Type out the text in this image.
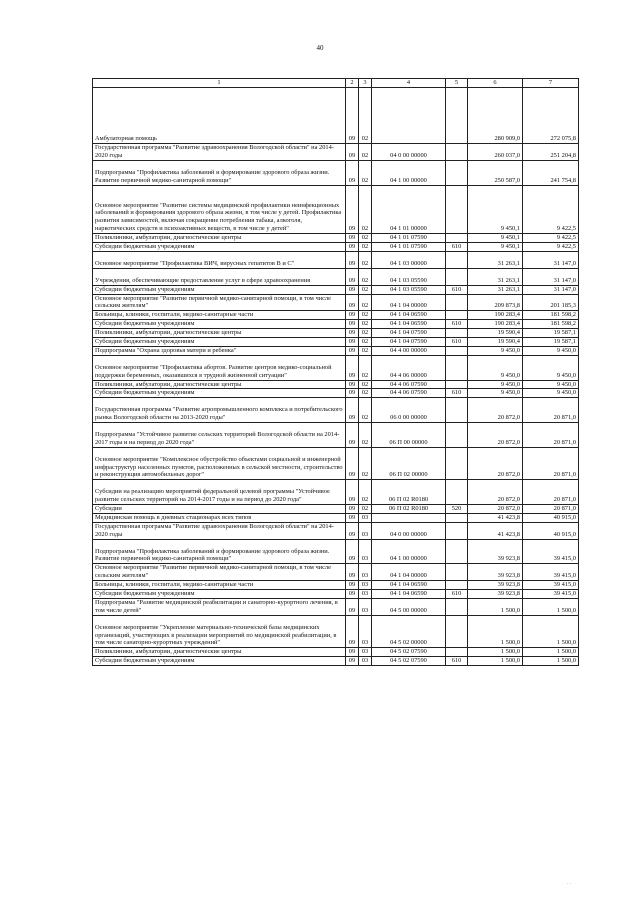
40
1	2	3	4	5	6	7
Амбулаторная помощь	09	02			280 909,0	272 075,8
Государственная программа "Развитие здравоохранения Вологодской области" на 2014-2020 годы	09	02	04 0 00 00000		260 037,0	251 204,8
Подпрограмма "Профилактика заболеваний и формирование здорового образа жизни. Развитие первичной медико-санитарной помощи"	09	02	04 1 00 00000		250 587,0	241 754,8
Основное мероприятие "Развитие системы медицинской профилактики неинфекционных заболеваний и формирования здорового образа жизни, в том числе у детей. Профилактика развития зависимостей, включая сокращение потребления табака, алкоголя, наркотических средств и психоактивных веществ, в том числе у детей"	09	02	04 1 01 00000		9 450,1	9 422,5
Поликлиники, амбулатории, диагностические центры	09	02	04 1 01 07590		9 450,1	9 422,5
Субсидии бюджетным учреждениям	09	02	04 1 01 07590	610	9 450,1	9 422,5
Основное мероприятие "Профилактика ВИЧ, вирусных гепатитов В и С"	09	02	04 1 03 00000		31 263,1	31 147,0
Учреждения, обеспечивающие предоставление услуг в сфере здравоохранения	09	02	04 1 03 05590		31 263,1	31 147,0
Субсидии бюджетным учреждениям	09	02	04 1 03 05590	610	31 263,1	31 147,0
Основное мероприятие "Развитие первичной медико-санитарной помощи, в том числе сельским жителям"	09	02	04 1 04 00000		209 873,8	201 185,3
Больницы, клиники, госпитали, медико-санитарные части	09	02	04 1 04 06590		190 283,4	181 598,2
Субсидии бюджетным учреждениям	09	02	04 1 04 06590	610	190 283,4	181 598,2
Поликлиники, амбулатории, диагностические центры	09	02	04 1 04 07590		19 590,4	19 587,1
Субсидии бюджетным учреждениям	09	02	04 1 04 07590	610	19 590,4	19 587,1
Подпрограмма "Охрана здоровья матери и ребенка"	09	02	04 4 00 00000		9 450,0	9 450,0
Основное мероприятие "Профилактика абортов. Развитие центров медико-социальной поддержки беременных, оказавшихся в трудной жизненной ситуации"	09	02	04 4 06 00000		9 450,0	9 450,0
Поликлиники, амбулатории, диагностические центры	09	02	04 4 06 07590		9 450,0	9 450,0
Субсидии бюджетным учреждениям	09	02	04 4 06 07590	610	9 450,0	9 450,0
Государственная программа "Развитие агропромышленного комплекса и потребительского рынка Вологодской области на 2013-2020 годы"	09	02	06 0 00 00000		20 872,0	20 871,0
Подпрограмма "Устойчивое развитие сельских территорий Вологодской области на 2014-2017 годы и на период до 2020 года"	09	02	06 П 00 00000		20 872,0	20 871,0
Основное мероприятие "Комплексное обустройство объектами социальной и инженерной инфраструктур населенных пунктов, расположенных в сельской местности, строительство и реконструкция автомобильных дорог"	09	02	06 П 02 00000		20 872,0	20 871,0
Субсидии на реализацию мероприятий федеральной целевой программы "Устойчивое развитие сельских территорий на 2014-2017 годы и на период до 2020 года"	09	02	06 П 02 R0180		20 872,0	20 871,0
Субсидии	09	02	06 П 02 R0180	520	20 872,0	20 871,0
Медицинская помощь в дневных стационарах всех типов	09	03			41 423,8	40 915,0
Государственная программа "Развитие здравоохранения Вологодской области" на 2014-2020 годы	09	03	04 0 00 00000		41 423,8	40 915,0
Подпрограмма "Профилактика заболеваний и формирование здорового образа жизни. Развитие первичной медико-санитарной помощи"	09	03	04 1 00 00000		39 923,8	39 415,0
Основное мероприятие "Развитие первичной медико-санитарной помощи, в том числе сельским жителям"	09	03	04 1 04 00000		39 923,8	39 415,0
Больницы, клиники, госпитали, медико-санитарные части	09	03	04 1 04 06590		39 923,8	39 415,0
Субсидии бюджетным учреждениям	09	03	04 1 04 06590	610	39 923,8	39 415,0
Подпрограмма "Развитие медицинской реабилитации и санаторно-курортного лечения, в том числе детей"	09	03	04 5 00 00000		1 500,0	1 500,0
Основное мероприятие "Укрепление материально-технической базы медицинских организаций, участвующих в реализации мероприятий по медицинской реабилитации, в том числе санаторно-курортных учреждений"	09	03	04 5 02 00000		1 500,0	1 500,0
Поликлиники, амбулатории, диагностические центры	09	03	04 5 02 07590		1 500,0	1 500,0
Субсидии бюджетным учреждениям	09	03	04 5 02 07590	610	1 500,0	1 500,0
· ·
